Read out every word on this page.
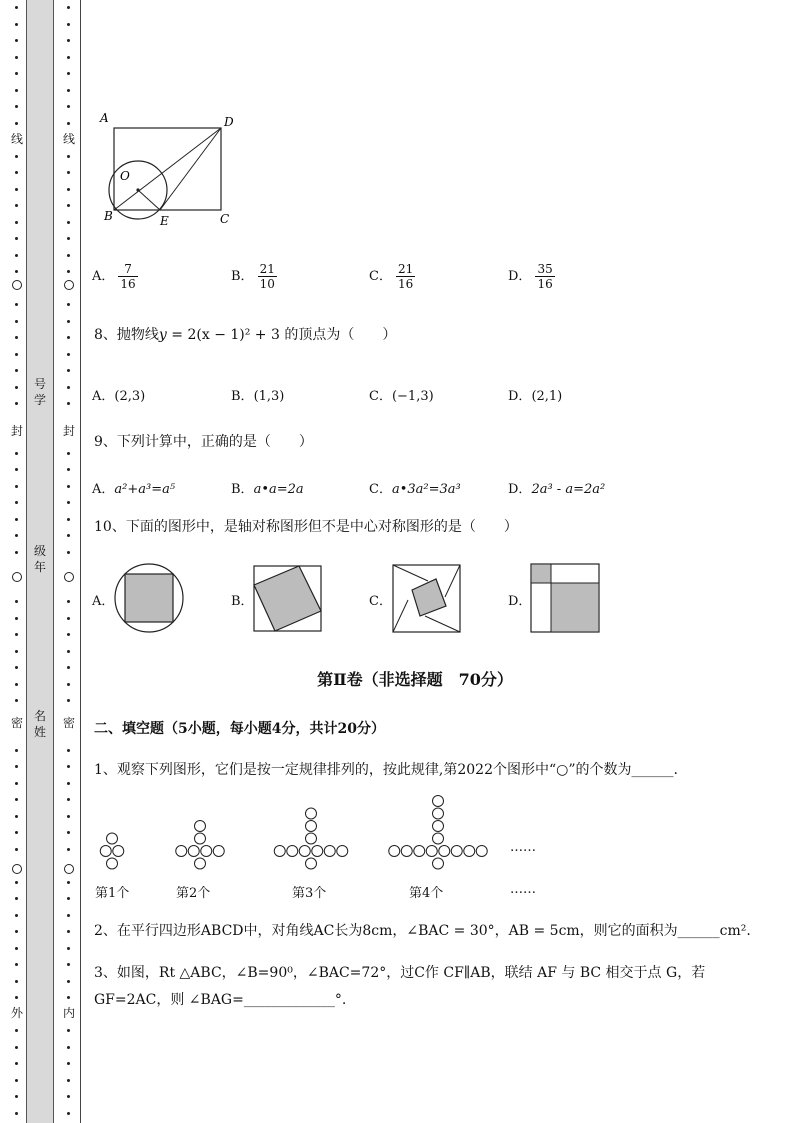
线
封
密
外
线
封
密
内
号学
级年
名姓
A	D
O
B	E	C
A． $\frac{7}{16}$	B． $\frac{21}{10}$	C． $\frac{21}{16}$	D． $\frac{35}{16}$
8、抛物线y = 2(x − 1)² + 3 的顶点为（　　）
A．(2,3)	B．(1,3)	C．(−1,3)	D．(2,1)
9、下列计算中，正确的是（　　）
A．a²+a³=a⁵	B．a•a=2a	C．a•3a²=3a³	D．2a³ - a=2a²
10、下面的图形中，是轴对称图形但不是中心对称图形的是（　　）
A．	B．	C．	D．
第Ⅱ卷（非选择题　70分）
二、填空题（5小题，每小题4分，共计20分）
1、观察下列图形，它们是按一定规律排列的，按此规律,第2022个图形中“○”的个数为______.
第1个	第2个	第3个	第4个
……
……
2、在平行四边形ABCD中，对角线AC长为8cm，∠BAC = 30°，AB = 5cm，则它的面积为______cm².
3、如图，Rt △ABC，∠B=90⁰，∠BAC=72°，过C作 CF∥AB，联结 AF 与 BC 相交于点 G，若
GF=2AC，则 ∠BAG=_____________°.
